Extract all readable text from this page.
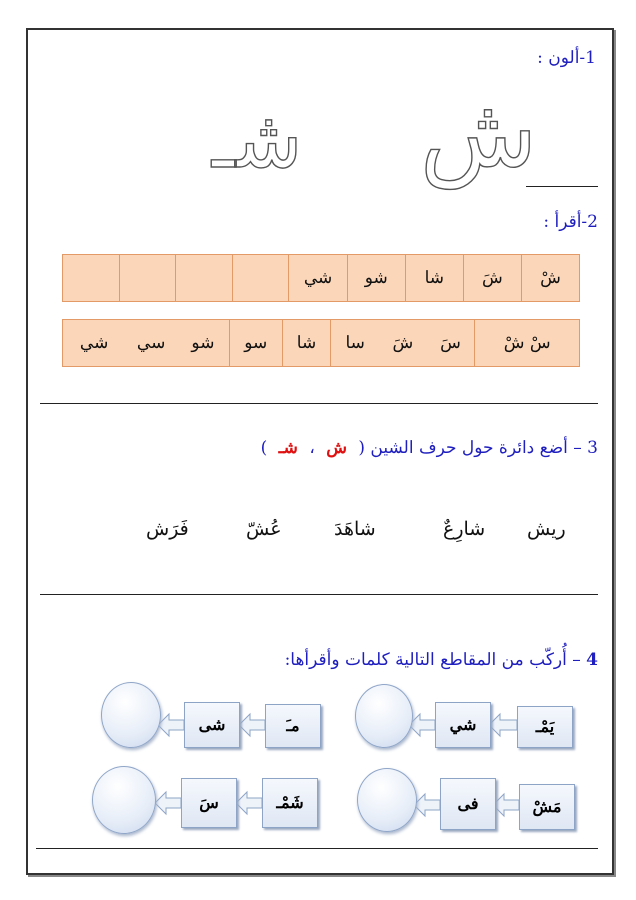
1-ألون :
ش
شـ
2-أقرأ :
شْ	شَ	شا	شو	شي				
سْ شْ	سَ	شَ	سا	شا	سو	شو	سي	شي
3 – أضع دائرة حول حرف الشين ( ش ، شـ )
ريش
شارِعٌ
شاهَدَ
عُشّ
فَرَش
4 – أُركّب من المقاطع التالية كلمات وأقرأها:
يَمْـ
شي
مـَ
شى
مَشْ
فى
شَمْـ
سَ
